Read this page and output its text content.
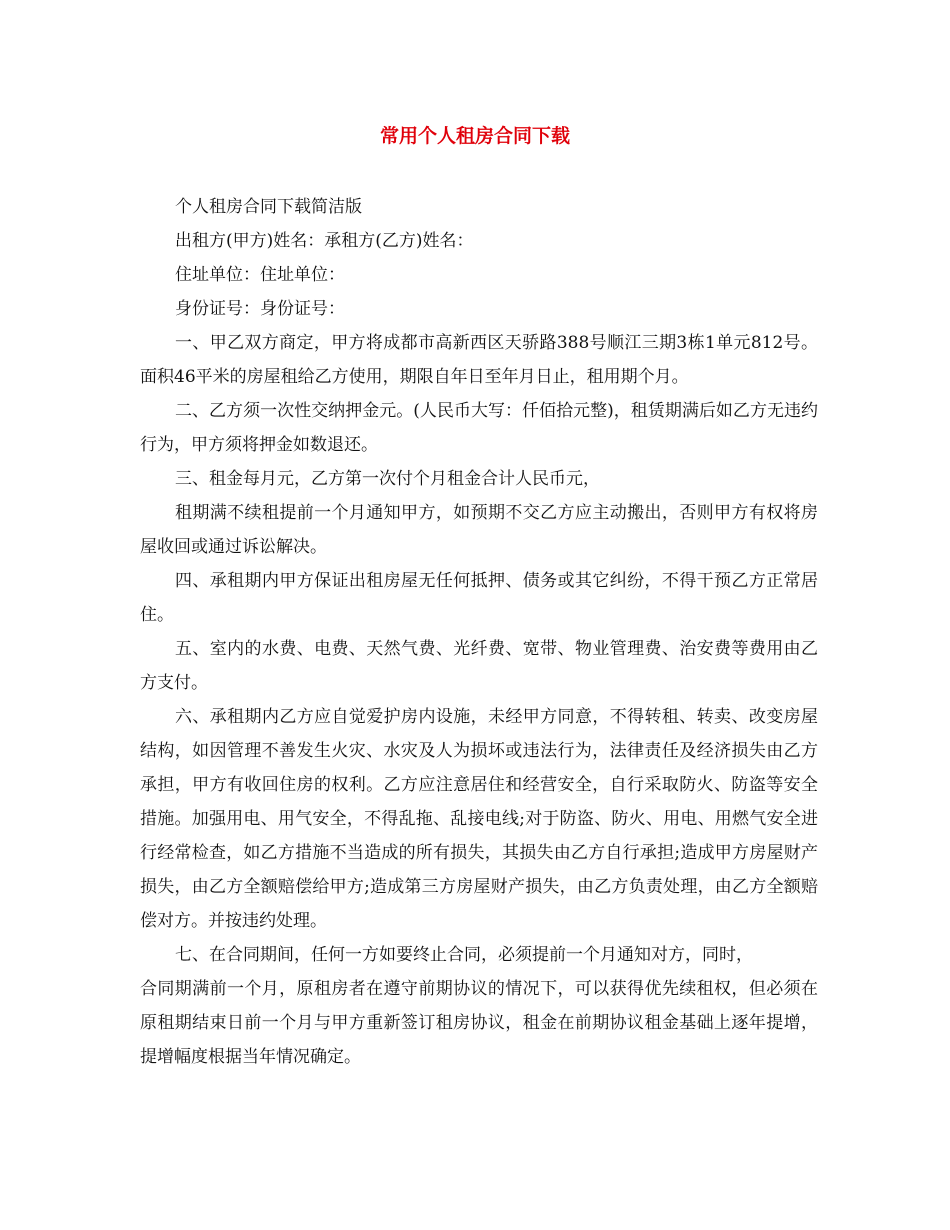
常用个人租房合同下载

个人租房合同下载简洁版

出租方(甲方)姓名：承租方(乙方)姓名：

住址单位：住址单位：

身份证号：身份证号：

一、甲乙双方商定，甲方将成都市高新西区天骄路388号顺江三期3栋1单元812号。面积46平米的房屋租给乙方使用，期限自年日至年月日止，租用期个月。

二、乙方须一次性交纳押金元。(人民币大写：仟佰拾元整)，租赁期满后如乙方无违约行为，甲方须将押金如数退还。

三、租金每月元，乙方第一次付个月租金合计人民币元，

租期满不续租提前一个月通知甲方，如预期不交乙方应主动搬出，否则甲方有权将房屋收回或通过诉讼解决。

四、承租期内甲方保证出租房屋无任何抵押、债务或其它纠纷，不得干预乙方正常居住。

五、室内的水费、电费、天然气费、光纤费、宽带、物业管理费、治安费等费用由乙方支付。

六、承租期内乙方应自觉爱护房内设施，未经甲方同意，不得转租、转卖、改变房屋结构，如因管理不善发生火灾、水灾及人为损坏或违法行为，法律责任及经济损失由乙方承担，甲方有收回住房的权利。乙方应注意居住和经营安全，自行采取防火、防盗等安全措施。加强用电、用气安全，不得乱拖、乱接电线;对于防盗、防火、用电、用燃气安全进行经常检查，如乙方措施不当造成的所有损失，其损失由乙方自行承担;造成甲方房屋财产损失，由乙方全额赔偿给甲方;造成第三方房屋财产损失，由乙方负责处理，由乙方全额赔偿对方。并按违约处理。

七、在合同期间，任何一方如要终止合同，必须提前一个月通知对方，同时，

合同期满前一个月，原租房者在遵守前期协议的情况下，可以获得优先续租权，但必须在原租期结束日前一个月与甲方重新签订租房协议，租金在前期协议租金基础上逐年提增，提增幅度根据当年情况确定。
